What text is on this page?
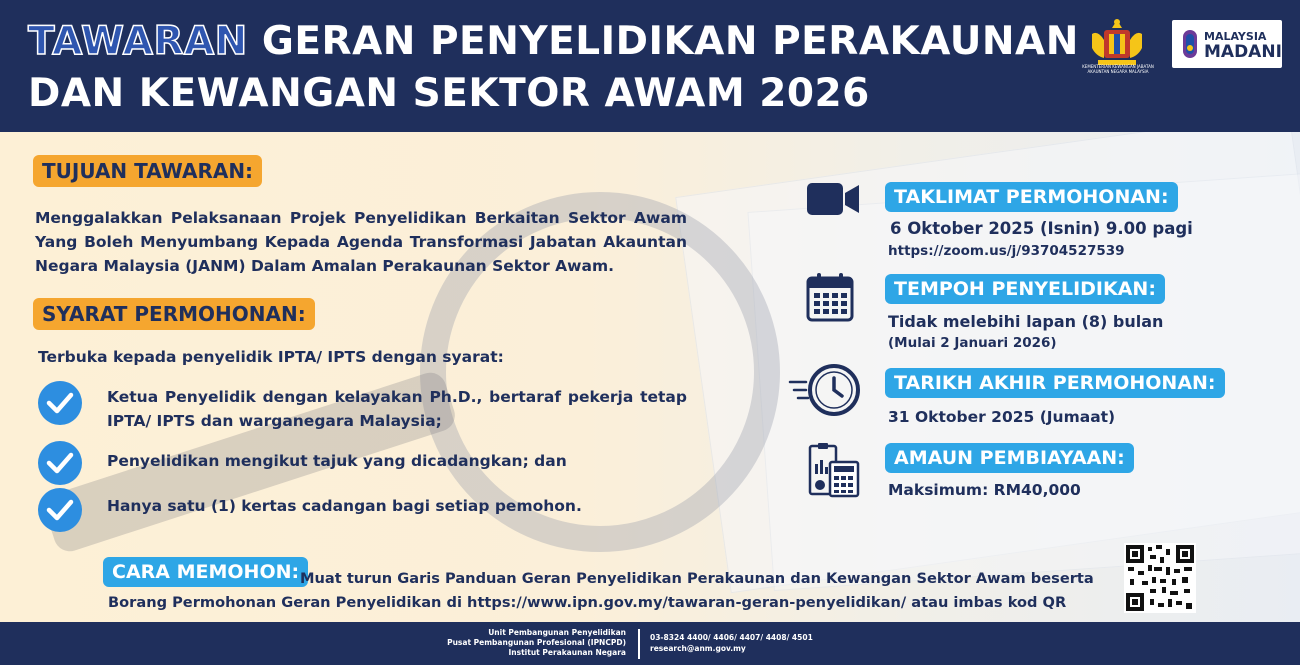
TAWARAN GERAN PENYELIDIKAN PERAKAUNAN
DAN KEWANGAN SEKTOR AWAM 2026
KEMENTERIAN KEWANGAN JABATAN AKAUNTAN NEGARA MALAYSIA
MALAYSIA
MADANI
TUJUAN TAWARAN:
Menggalakkan Pelaksanaan Projek Penyelidikan Berkaitan Sektor Awam Yang Boleh Menyumbang Kepada Agenda Transformasi Jabatan Akauntan Negara Malaysia (JANM) Dalam Amalan Perakaunan Sektor Awam.
SYARAT PERMOHONAN:
Terbuka kepada penyelidik IPTA/ IPTS dengan syarat:
Ketua Penyelidik dengan kelayakan Ph.D., bertaraf pekerja tetap IPTA/ IPTS dan warganegara Malaysia;
Penyelidikan mengikut tajuk yang dicadangkan; dan
Hanya satu (1) kertas cadangan bagi setiap pemohon.
TAKLIMAT PERMOHONAN:
6 Oktober 2025 (Isnin) 9.00 pagi
https://zoom.us/j/93704527539
TEMPOH PENYELIDIKAN:
Tidak melebihi lapan (8) bulan
(Mulai 2 Januari 2026)
TARIKH AKHIR PERMOHONAN:
31 Oktober 2025 (Jumaat)
AMAUN PEMBIAYAAN:
Maksimum: RM40,000
CARA MEMOHON: Muat turun Garis Panduan Geran Penyelidikan Perakaunan dan Kewangan Sektor Awam beserta
Borang Permohonan Geran Penyelidikan di https://www.ipn.gov.my/tawaran-geran-penyelidikan/ atau imbas kod QR
Unit Pembangunan Penyelidikan
Pusat Pembangunan Profesional (IPNCPD)
Institut Perakaunan Negara
03-8324 4400/ 4406/ 4407/ 4408/ 4501
research@anm.gov.my
